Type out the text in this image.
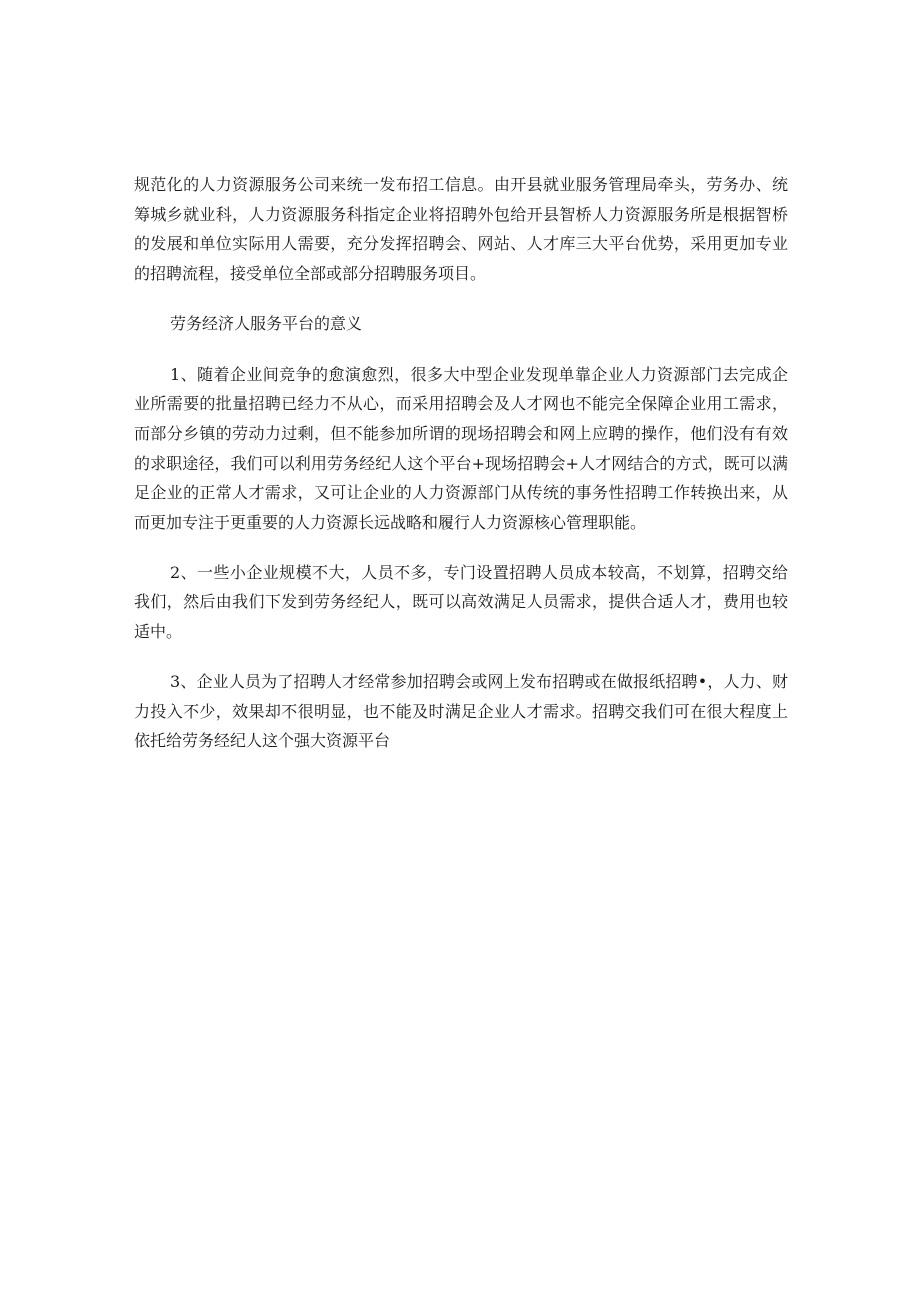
规范化的人力资源服务公司来统一发布招工信息。由开县就业服务管理局牵头，劳务办、统筹城乡就业科，人力资源服务科指定企业将招聘外包给开县智桥人力资源服务所是根据智桥的发展和单位实际用人需要，充分发挥招聘会、网站、人才库三大平台优势，采用更加专业的招聘流程，接受单位全部或部分招聘服务项目。

劳务经济人服务平台的意义

1、随着企业间竞争的愈演愈烈，很多大中型企业发现单靠企业人力资源部门去完成企业所需要的批量招聘已经力不从心，而采用招聘会及人才网也不能完全保障企业用工需求，而部分乡镇的劳动力过剩，但不能参加所谓的现场招聘会和网上应聘的操作，他们没有有效的求职途径，我们可以利用劳务经纪人这个平台+现场招聘会+人才网结合的方式，既可以满足企业的正常人才需求，又可让企业的人力资源部门从传统的事务性招聘工作转换出来，从而更加专注于更重要的人力资源长远战略和履行人力资源核心管理职能。

2、一些小企业规模不大，人员不多，专门设置招聘人员成本较高，不划算，招聘交给我们，然后由我们下发到劳务经纪人，既可以高效满足人员需求，提供合适人才，费用也较适中。

3、企业人员为了招聘人才经常参加招聘会或网上发布招聘或在做报纸招聘•，人力、财力投入不少，效果却不很明显，也不能及时满足企业人才需求。招聘交我们可在很大程度上依托给劳务经纪人这个强大资源平台
